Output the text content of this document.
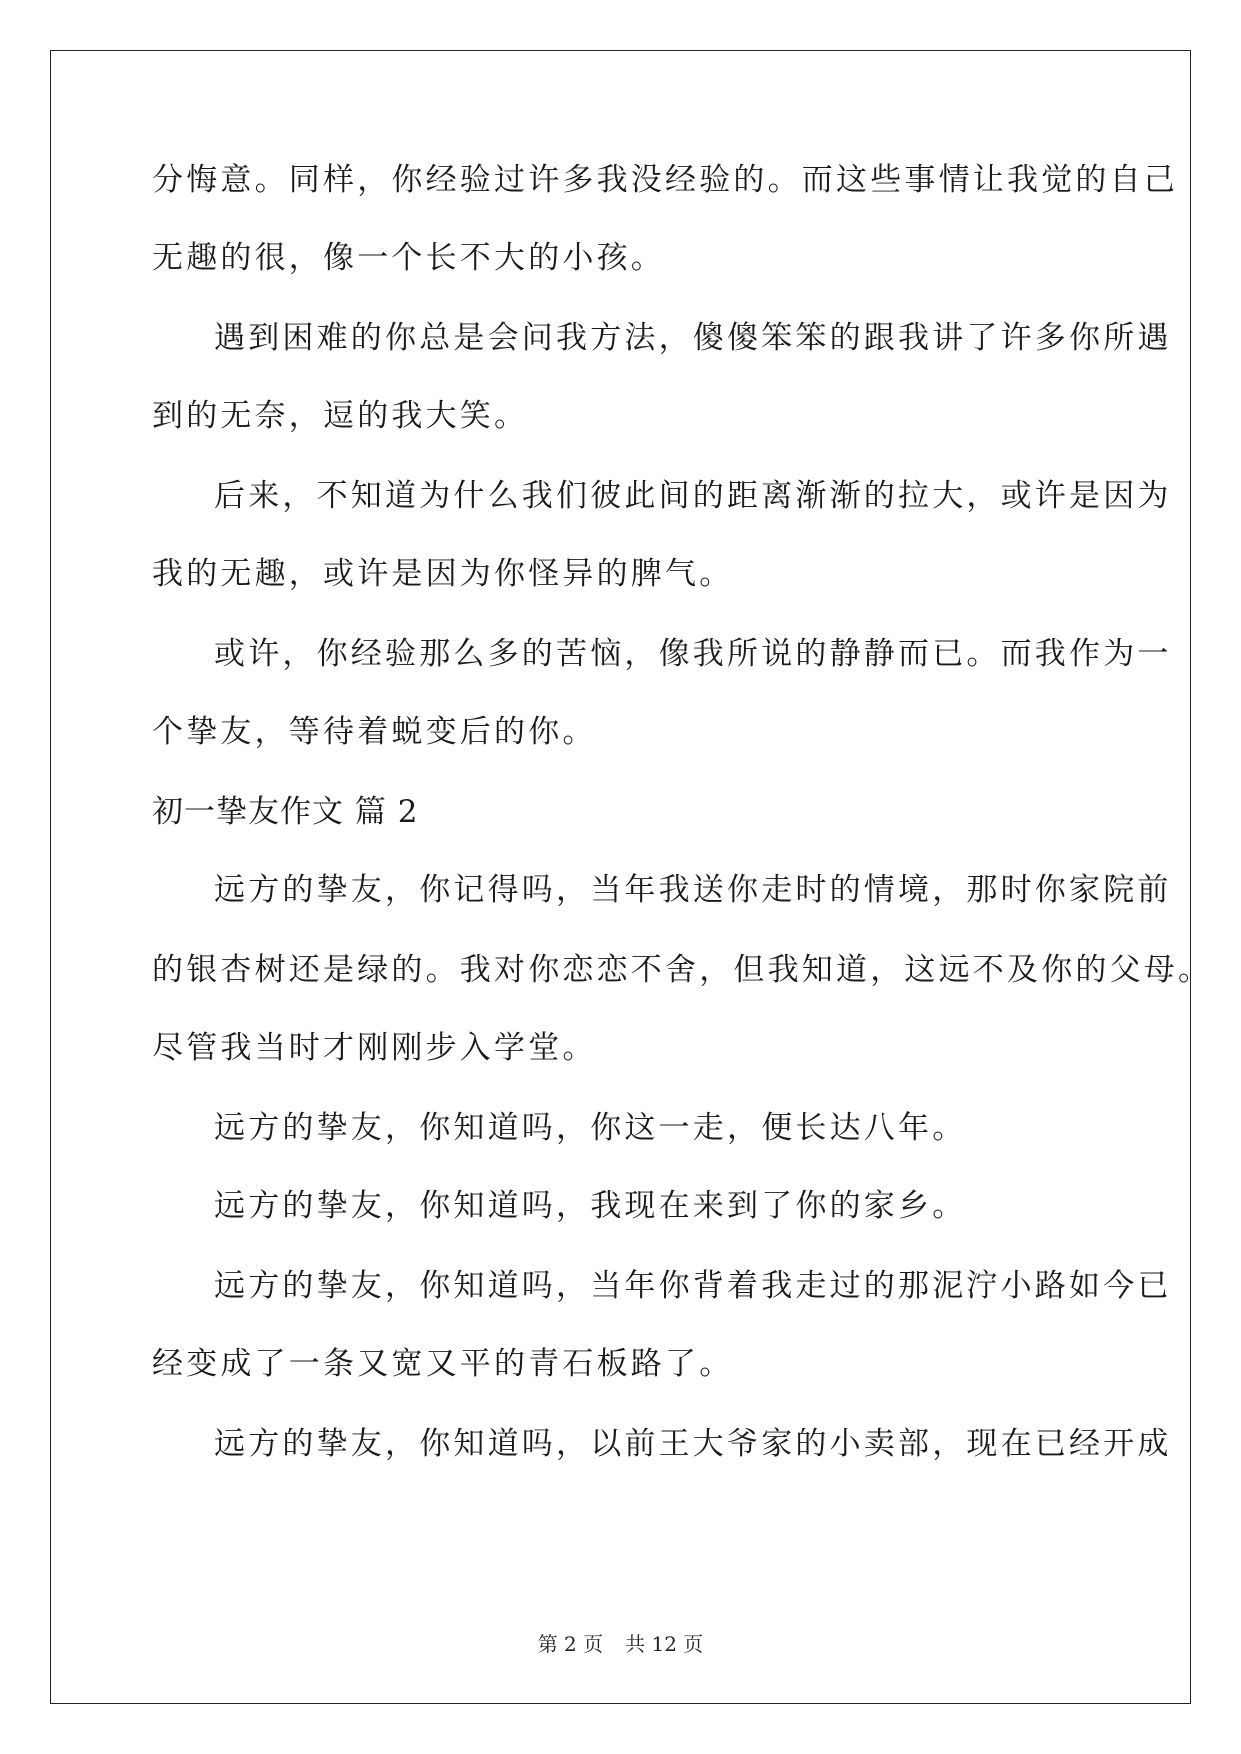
分悔意。同样，你经验过许多我没经验的。而这些事情让我觉的自己
无趣的很，像一个长不大的小孩。
遇到困难的你总是会问我方法，傻傻笨笨的跟我讲了许多你所遇
到的无奈，逗的我大笑。
后来，不知道为什么我们彼此间的距离渐渐的拉大，或许是因为
我的无趣，或许是因为你怪异的脾气。
或许，你经验那么多的苦恼，像我所说的静静而已。而我作为一
个挚友，等待着蜕变后的你。
初一挚友作文 篇 2
远方的挚友，你记得吗，当年我送你走时的情境，那时你家院前
的银杏树还是绿的。我对你恋恋不舍，但我知道，这远不及你的父母。
尽管我当时才刚刚步入学堂。
远方的挚友，你知道吗，你这一走，便长达八年。
远方的挚友，你知道吗，我现在来到了你的家乡。
远方的挚友，你知道吗，当年你背着我走过的那泥泞小路如今已
经变成了一条又宽又平的青石板路了。
远方的挚友，你知道吗，以前王大爷家的小卖部，现在已经开成
第 2 页 共 12 页
